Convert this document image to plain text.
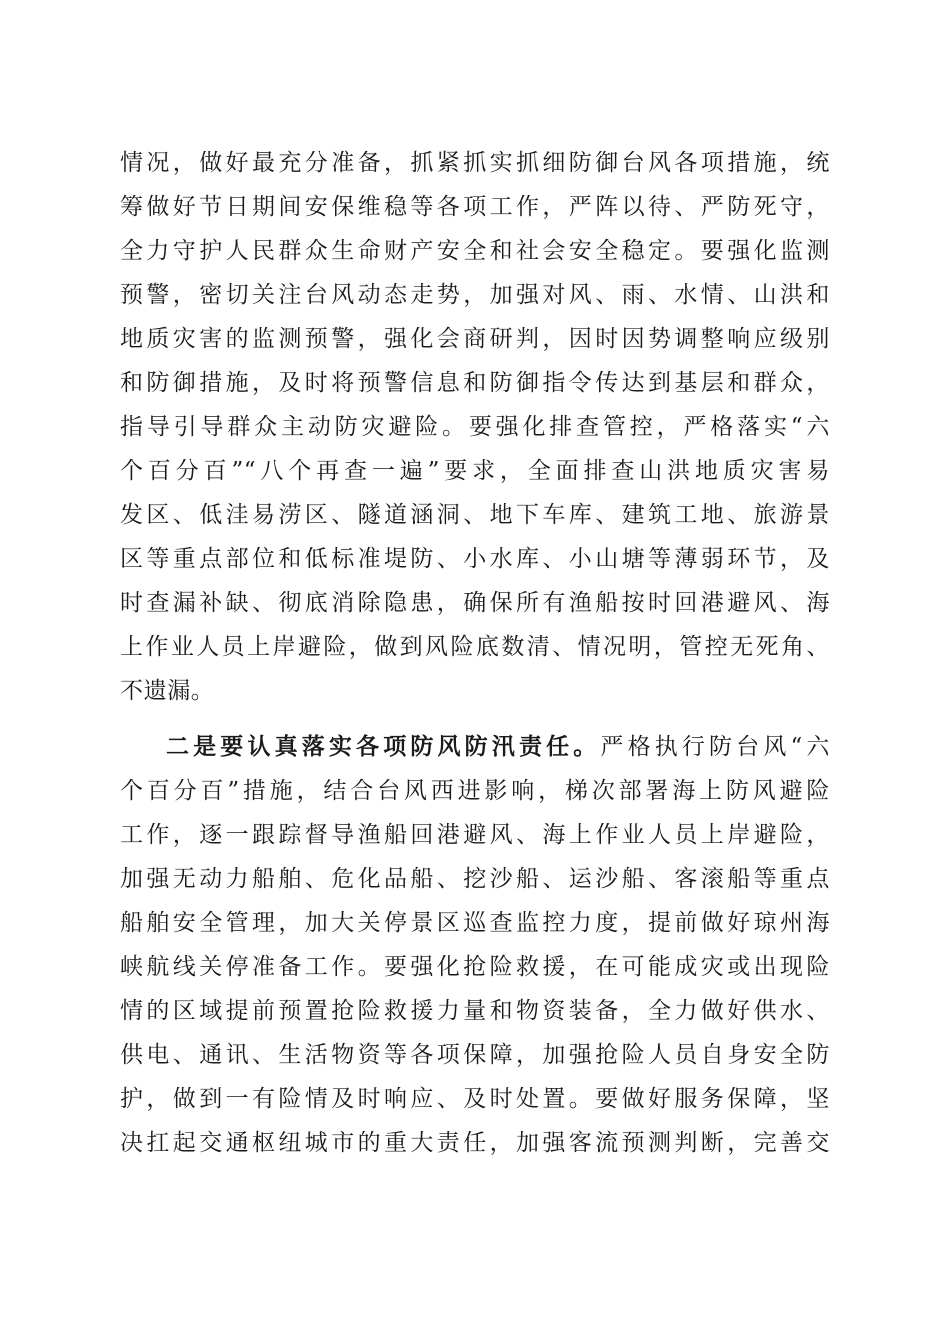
情况，做好最充分准备，抓紧抓实抓细防御台风各项措施，统
筹做好节日期间安保维稳等各项工作，严阵以待、严防死守，
全力守护人民群众生命财产安全和社会安全稳定。要强化监测
预警，密切关注台风动态走势，加强对风、雨、水情、山洪和
地质灾害的监测预警，强化会商研判，因时因势调整响应级别
和防御措施，及时将预警信息和防御指令传达到基层和群众，
指导引导群众主动防灾避险。要强化排查管控，严格落实“六
个百分百”“八个再查一遍”要求，全面排查山洪地质灾害易
发区、低洼易涝区、隧道涵洞、地下车库、建筑工地、旅游景
区等重点部位和低标准堤防、小水库、小山塘等薄弱环节，及
时查漏补缺、彻底消除隐患，确保所有渔船按时回港避风、海
上作业人员上岸避险，做到风险底数清、情况明，管控无死角、
不遗漏。
二是要认真落实各项防风防汛责任。严格执行防台风“六
个百分百”措施，结合台风西进影响，梯次部署海上防风避险
工作，逐一跟踪督导渔船回港避风、海上作业人员上岸避险，
加强无动力船舶、危化品船、挖沙船、运沙船、客滚船等重点
船舶安全管理，加大关停景区巡查监控力度，提前做好琼州海
峡航线关停准备工作。要强化抢险救援，在可能成灾或出现险
情的区域提前预置抢险救援力量和物资装备，全力做好供水、
供电、通讯、生活物资等各项保障，加强抢险人员自身安全防
护，做到一有险情及时响应、及时处置。要做好服务保障，坚
决扛起交通枢纽城市的重大责任，加强客流预测判断，完善交
